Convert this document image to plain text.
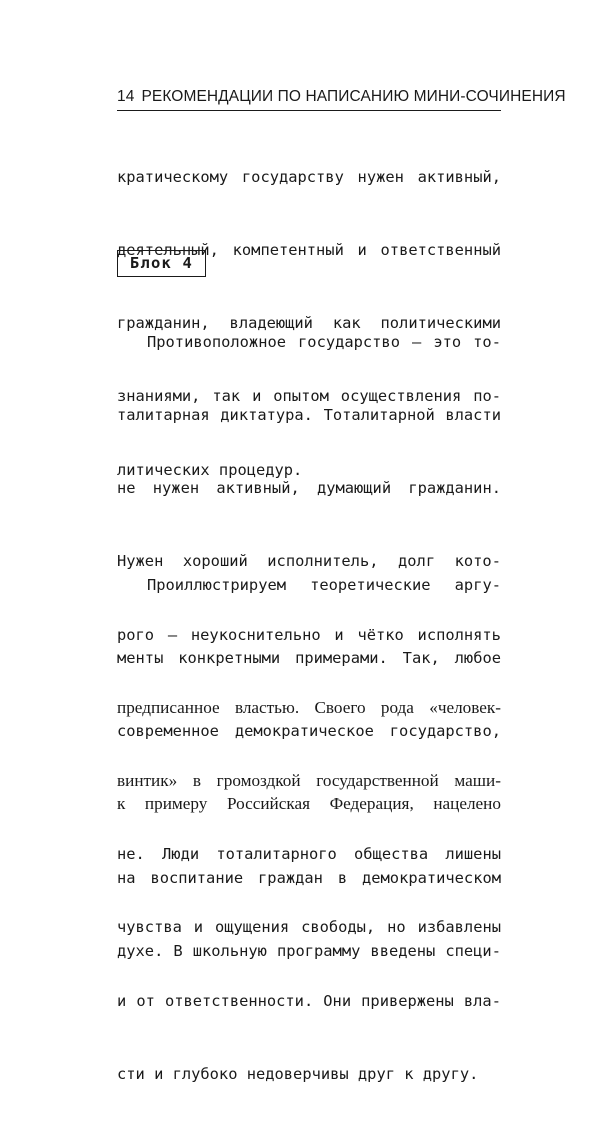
14 РЕКОМЕНДАЦИИ ПО НАПИСАНИЮ МИНИ-СОЧИНЕНИЯ

кратическому государству нужен активный,

деятельный, компетентный и ответственный

гражданин, владеющий как политическими

знаниями, так и опытом осуществления по-

литических процедур.

Блок 4

Противоположное государство — это то-

талитарная диктатура. Тоталитарной власти

не нужен активный, думающий гражданин.

Нужен хороший исполнитель, долг кото-

рого — неукоснительно и чётко исполнять

предписанное властью. Своего рода «человек-

винтик» в громоздкой государственной маши-

не. Люди тоталитарного общества лишены

чувства и ощущения свободы, но избавлены

и от ответственности. Они привержены вла-

сти и глубоко недоверчивы друг к другу.

Проиллюстрируем теоретические аргу-

менты конкретными примерами. Так, любое

современное демократическое государство,

к примеру Российская Федерация, нацелено

на воспитание граждан в демократическом

духе. В школьную программу введены специ-
